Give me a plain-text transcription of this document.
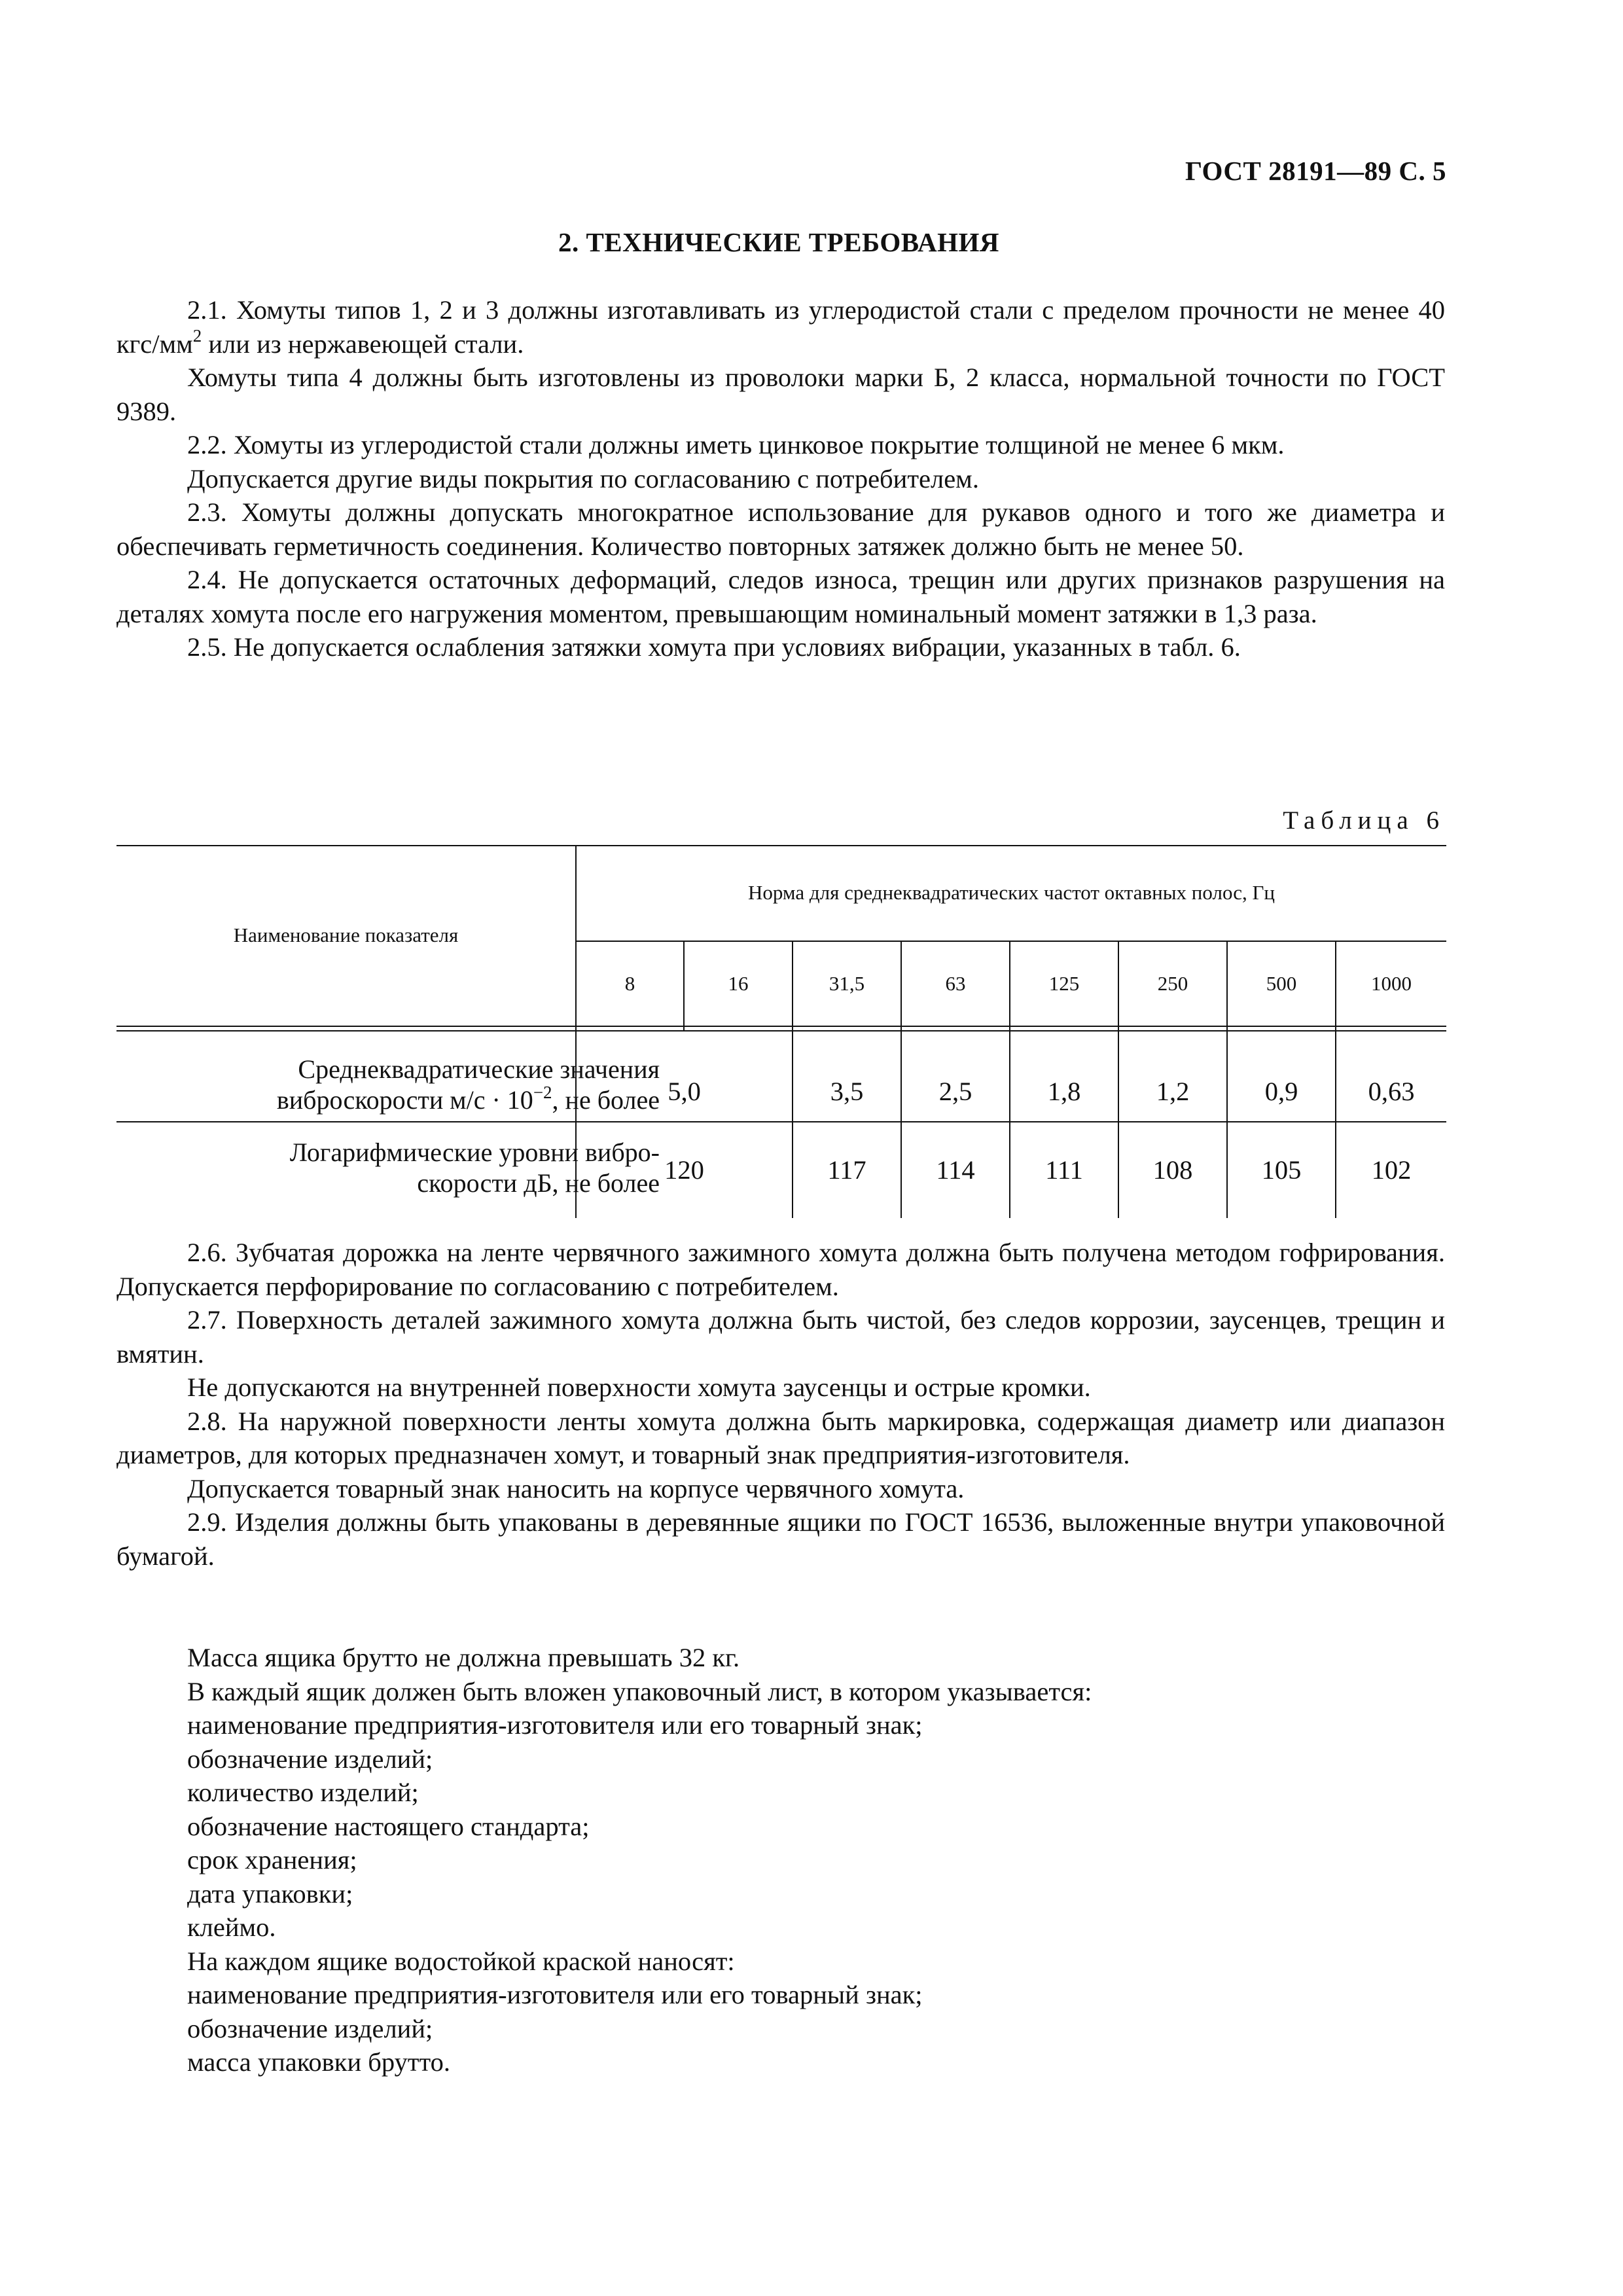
ГОСТ 28191—89 С. 5
2. ТЕХНИЧЕСКИЕ ТРЕБОВАНИЯ

2.1. Хомуты типов 1, 2 и 3 должны изготавливать из углеродистой стали с пределом прочности не менее 40 кгс/$мм^2$ или из нержавеющей стали.

Хомуты типа 4 должны быть изготовлены из проволоки марки Б, 2 класса, нормальной точности по ГОСТ 9389.

2.2. Хомуты из углеродистой стали должны иметь цинковое покрытие толщиной не менее 6 мкм.

Допускается другие виды покрытия по согласованию с потребителем.

2.3. Хомуты должны допускать многократное использование для рукавов одного и того же диаметра и обеспечивать герметичность соединения. Количество повторных затяжек должно быть не менее 50.

2.4. Не допускается остаточных деформаций, следов износа, трещин или других признаков разрушения на деталях хомута после его нагружения моментом, превышающим номинальный момент затяжки в 1,3 раза.

2.5. Не допускается ослабления затяжки хомута при условиях вибрации, указанных в табл. 6.

Таблица 6
Наименование показателя
Норма для среднеквадратических частот октавных полос, Гц
8	16	31,5	63	125	250	500	1000
Среднеквадратические значения
виброскорости $м/с \cdot 10^{-2}$, не более 5,0	3,5	2,5	1,8	1,2	0,9	0,63
Логарифмические уровни вибро-
скорости дБ, не более 120	117	114	111	108	105	102

2.6. Зубчатая дорожка на ленте червячного зажимного хомута должна быть получена методом гофрирования. Допускается перфорирование по согласованию с потребителем.

2.7. Поверхность деталей зажимного хомута должна быть чистой, без следов коррозии, заусенцев, трещин и вмятин.

Не допускаются на внутренней поверхности хомута заусенцы и острые кромки.

2.8. На наружной поверхности ленты хомута должна быть маркировка, содержащая диаметр или диапазон диаметров, для которых предназначен хомут, и товарный знак предприятия-изготовителя.

Допускается товарный знак наносить на корпусе червячного хомута.

2.9. Изделия должны быть упакованы в деревянные ящики по ГОСТ 16536, выложенные внутри упаковочной бумагой.

Масса ящика брутто не должна превышать 32 кг.

В каждый ящик должен быть вложен упаковочный лист, в котором указывается:

наименование предприятия-изготовителя или его товарный знак;

обозначение изделий;

количество изделий;

обозначение настоящего стандарта;

срок хранения;

дата упаковки;

клеймо.

На каждом ящике водостойкой краской наносят:

наименование предприятия-изготовителя или его товарный знак;

обозначение изделий;

масса упаковки брутто.
